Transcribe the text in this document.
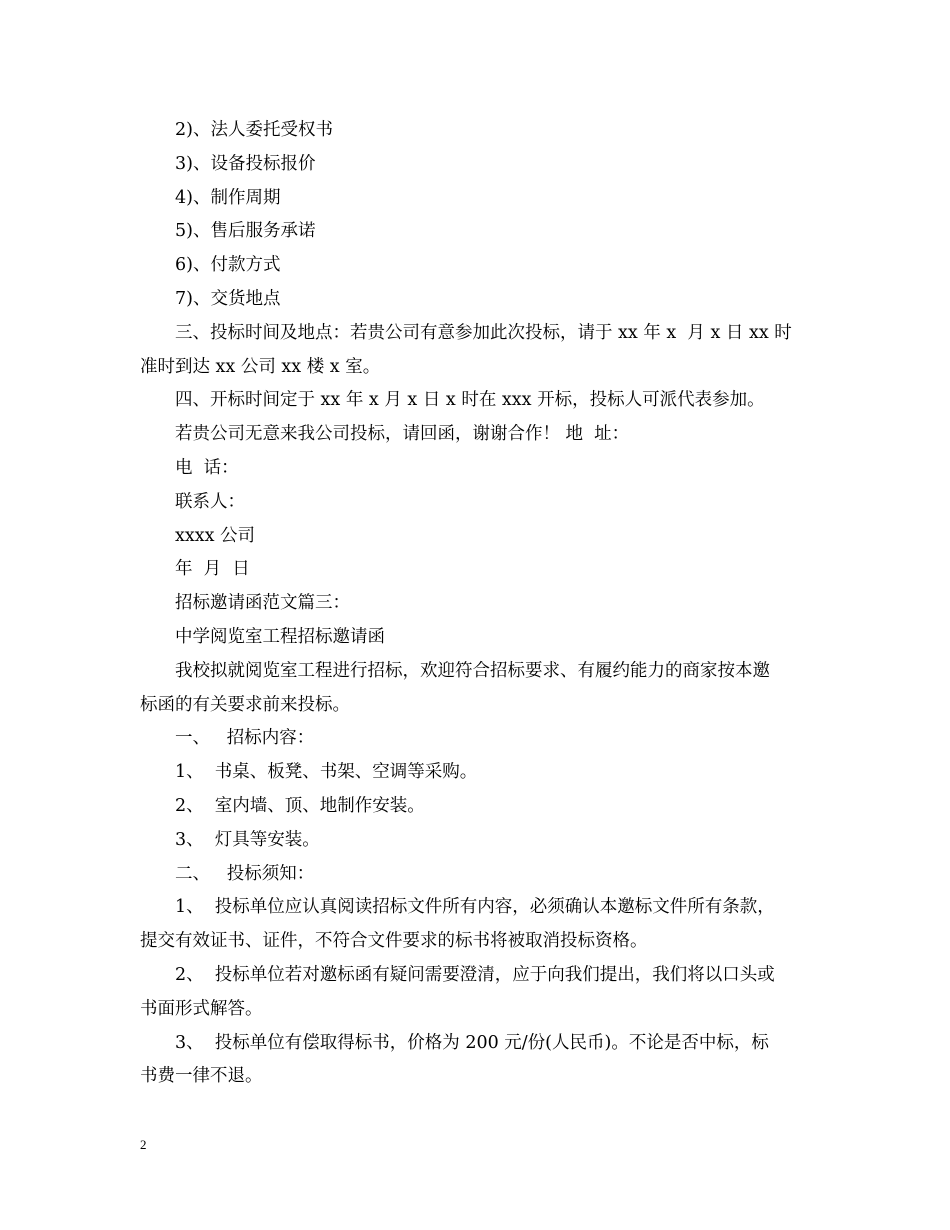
2)、法人委托受权书
3)、设备投标报价
4)、制作周期
5)、售后服务承诺
6)、付款方式
7)、交货地点
三、投标时间及地点：若贵公司有意参加此次投标，请于 xx 年 x  月 x 日 xx 时
准时到达 xx 公司 xx 楼 x 室。
四、开标时间定于 xx 年 x 月 x 日 x 时在 xxx 开标，投标人可派代表参加。
若贵公司无意来我公司投标，请回函，谢谢合作！ 地  址：
电  话：
联系人：
xxxx 公司
年  月  日
招标邀请函范文篇三：
中学阅览室工程招标邀请函
我校拟就阅览室工程进行招标，欢迎符合招标要求、有履约能力的商家按本邀
标函的有关要求前来投标。
一、   招标内容：
1、  书桌、板凳、书架、空调等采购。
2、  室内墙、顶、地制作安装。
3、  灯具等安装。
二、   投标须知：
1、  投标单位应认真阅读招标文件所有内容，必须确认本邀标文件所有条款，
提交有效证书、证件，不符合文件要求的标书将被取消投标资格。
2、  投标单位若对邀标函有疑问需要澄清，应于向我们提出，我们将以口头或
书面形式解答。
3、  投标单位有偿取得标书，价格为 200 元/份(人民币)。不论是否中标，标
书费一律不退。
2
